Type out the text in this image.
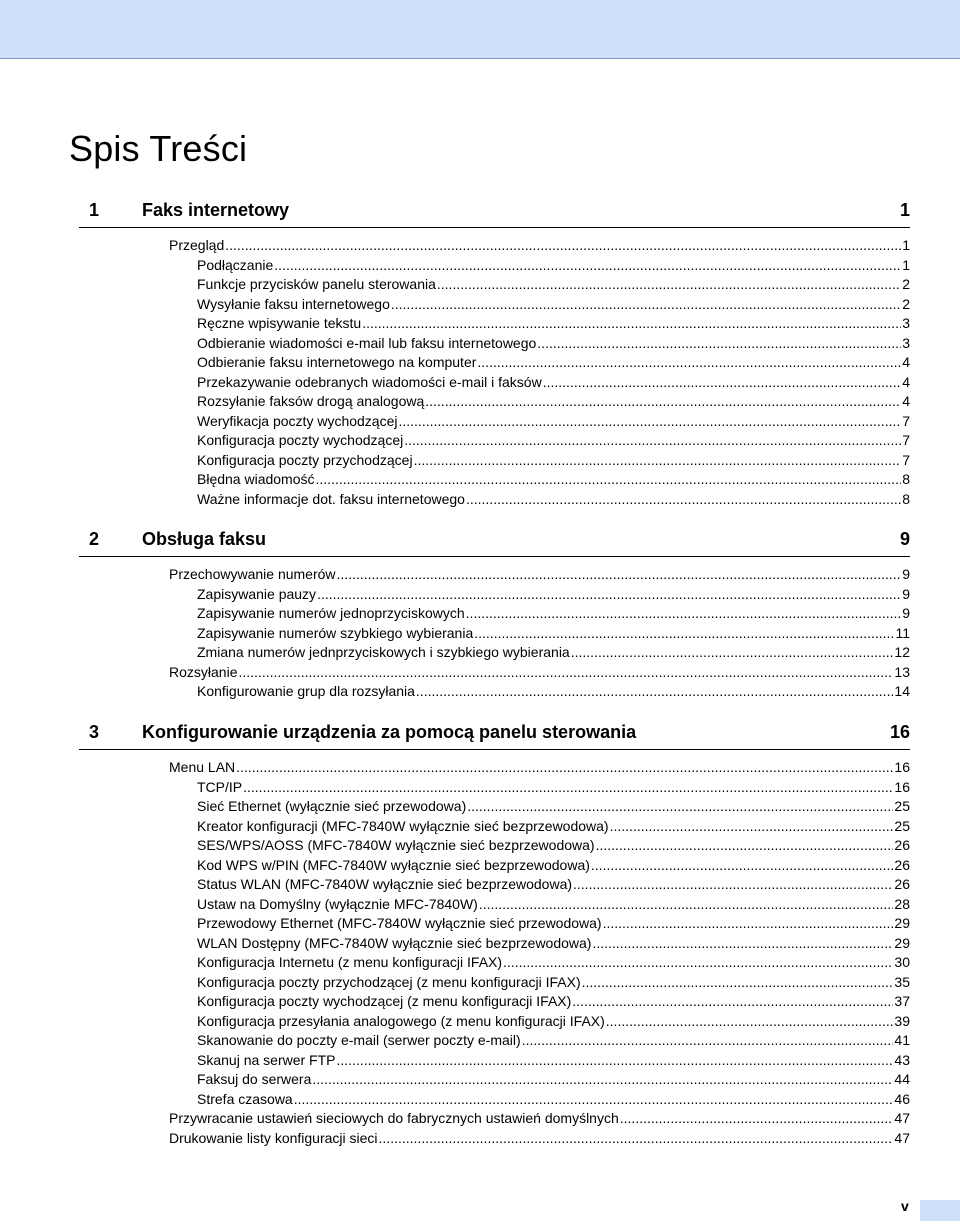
Spis Treści
1 Faks internetowy	1
Przegląd .....	1
Podłączanie .....	1
Funkcje przycisków panelu sterowania .....	2
Wysyłanie faksu internetowego .....	2
Ręczne wpisywanie tekstu .....	3
Odbieranie wiadomości e-mail lub faksu internetowego .....	3
Odbieranie faksu internetowego na komputer .....	4
Przekazywanie odebranych wiadomości e-mail i faksów .....	4
Rozsyłanie faksów drogą analogową .....	4
Weryfikacja poczty wychodzącej .....	7
Konfiguracja poczty wychodzącej .....	7
Konfiguracja poczty przychodzącej .....	7
Błędna wiadomość .....	8
Ważne informacje dot. faksu internetowego .....	8
2 Obsługa faksu	9
Przechowywanie numerów .....	9
Zapisywanie pauzy .....	9
Zapisywanie numerów jednoprzyciskowych .....	9
Zapisywanie numerów szybkiego wybierania .....	11
Zmiana numerów jednprzyciskowych i szybkiego wybierania .....	12
Rozsyłanie .....	13
Konfigurowanie grup dla rozsyłania .....	14
3 Konfigurowanie urządzenia za pomocą panelu sterowania	16
Menu LAN .....	16
TCP/IP .....	16
Sieć Ethernet (wyłącznie sieć przewodowa) .....	25
Kreator konfiguracji (MFC-7840W wyłącznie sieć bezprzewodowa) .....	25
SES/WPS/AOSS (MFC-7840W wyłącznie sieć bezprzewodowa) .....	26
Kod WPS w/PIN (MFC-7840W wyłącznie sieć bezprzewodowa) .....	26
Status WLAN (MFC-7840W wyłącznie sieć bezprzewodowa) .....	26
Ustaw na Domyślny (wyłącznie MFC-7840W) .....	28
Przewodowy Ethernet (MFC-7840W wyłącznie sieć przewodowa) .....	29
WLAN Dostępny (MFC-7840W wyłącznie sieć bezprzewodowa) .....	29
Konfiguracja Internetu (z menu konfiguracji IFAX) .....	30
Konfiguracja poczty przychodzącej (z menu konfiguracji IFAX) .....	35
Konfiguracja poczty wychodzącej (z menu konfiguracji IFAX) .....	37
Konfiguracja przesyłania analogowego (z menu konfiguracji IFAX) .....	39
Skanowanie do poczty e-mail (serwer poczty e-mail) .....	41
Skanuj na serwer FTP .....	43
Faksuj do serwera .....	44
Strefa czasowa .....	46
Przywracanie ustawień sieciowych do fabrycznych ustawień domyślnych .....	47
Drukowanie listy konfiguracji sieci .....	47
v
